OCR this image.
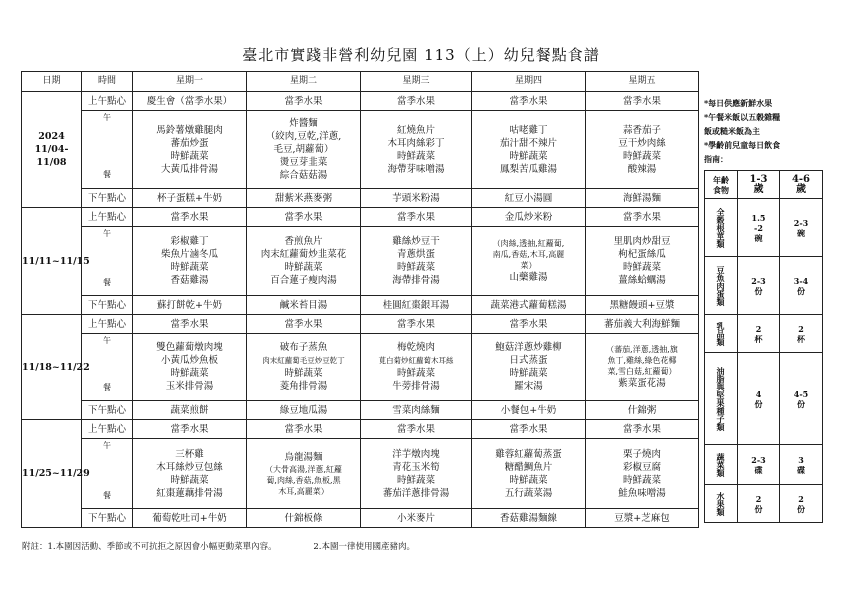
臺北市實踐非營利幼兒園 113（上）幼兒餐點食譜
日期	時間	星期一	星期二	星期三	星期四	星期五

2024
11/04-11/08	上午點心	慶生會（當季水果）	當季水果	當季水果	當季水果	當季水果

	午
餐	馬鈴薯燉雞腿肉
蕃茄炒蛋
時鮮蔬菜
大黃瓜排骨湯	炸醬麵
（絞肉,豆乾,洋蔥,
毛豆,胡蘿蔔）
燙豆芽韭菜
綜合菇菇湯	紅燒魚片
木耳肉絲彩丁
時鮮蔬菜
海帶芽味噌湯	咕咾雞丁
茄汁甜不辣片
時鮮蔬菜
鳳梨苦瓜雞湯	蒜香茄子
豆干炒肉絲
時鮮蔬菜
酸辣湯

	下午點心	杯子蛋糕+牛奶	甜紫米燕麥粥	芋頭米粉湯	紅豆小湯圓	海鮮湯麵

11/11~11/15	上午點心	當季水果	當季水果	當季水果	金瓜炒米粉	當季水果

	午
餐	彩椒雞丁
柴魚片滷冬瓜
時鮮蔬菜
香菇雞湯	香煎魚片
肉末紅蘿蔔炒韭菜花
時鮮蔬菜
百合蓮子瘦肉湯	雞絲炒豆干
青蔥烘蛋
時鮮蔬菜
海帶排骨湯	（肉絲,透抽,紅蘿蔔,
南瓜,香菇,木耳,高麗
菜）
山藥雞湯	里肌肉炒甜豆
枸杞蛋絲瓜
時鮮蔬菜
薑絲蛤蠣湯

	下午點心	蘇打餅乾+牛奶	鹹米苔目湯	桂圓紅棗銀耳湯	蔬菜港式蘿蔔糕湯	黑糖饅頭+豆漿

11/18~11/22	上午點心	當季水果	當季水果	當季水果	當季水果	蕃茄義大利海鮮麵

	午
餐	雙色蘿蔔燉肉塊
小黃瓜炒魚板
時鮮蔬菜
玉米排骨湯	破布子蒸魚
肉末紅蘿蔔毛豆炒豆乾丁
時鮮蔬菜
菱角排骨湯	梅乾燒肉
莧白菊炒紅蘿蔔木耳絲
時鮮蔬菜
牛蒡排骨湯	鮑菇洋蔥炒雞柳
日式蒸蛋
時鮮蔬菜
羅宋湯	（蕃茄,洋蔥,透抽,旗
魚丁,雞絲,綠色花椰
菜,雪白菇,紅蘿蔔）
紫菜蛋花湯

	下午點心	蔬菜煎餅	綠豆地瓜湯	雪菜肉絲麵	小餐包+牛奶	什錦粥

11/25~11/29	上午點心	當季水果	當季水果	當季水果	當季水果	當季水果

	午
餐	三杯雞
木耳絲炒豆包絲
時鮮蔬菜
紅棗蓮藕排骨湯	烏龍湯麵
（大骨高湯,洋蔥,紅蘿
蔔,肉絲,香菇,魚板,黑
木耳,高麗菜）	洋芋燉肉塊
青花玉米筍
時鮮蔬菜
蕃茄洋蔥排骨湯	雞蓉紅蘿蔔蒸蛋
糖醋鯛魚片
時鮮蔬菜
五行蔬菜湯	栗子燒肉
彩椒豆腐
時鮮蔬菜
鮭魚味噌湯

	下午點心	葡萄乾吐司+牛奶	什錦板條	小米麥片	香菇雞湯麵線	豆漿+芝麻包
*每日供應新鮮水果
*午餐米飯以五穀雜糧
飯或糙米飯為主
*學齡前兒童每日飲食
指南：
年齡
食物	1-3
歲	4-6
歲

全穀根莖類	1.5
-2
碗	2-3
碗

豆魚肉蛋類	2-3
份	3-4
份

乳品類	2
杯	2
杯

油脂與堅果種子類	4
份	4-5
份

蔬菜類	2-3
碟	3
碟

水果類	2
份	2
份
附註：1.本園因活動、季節或不可抗拒之原因會小幅更動菜單內容。	2.本園一律使用國產豬肉。
